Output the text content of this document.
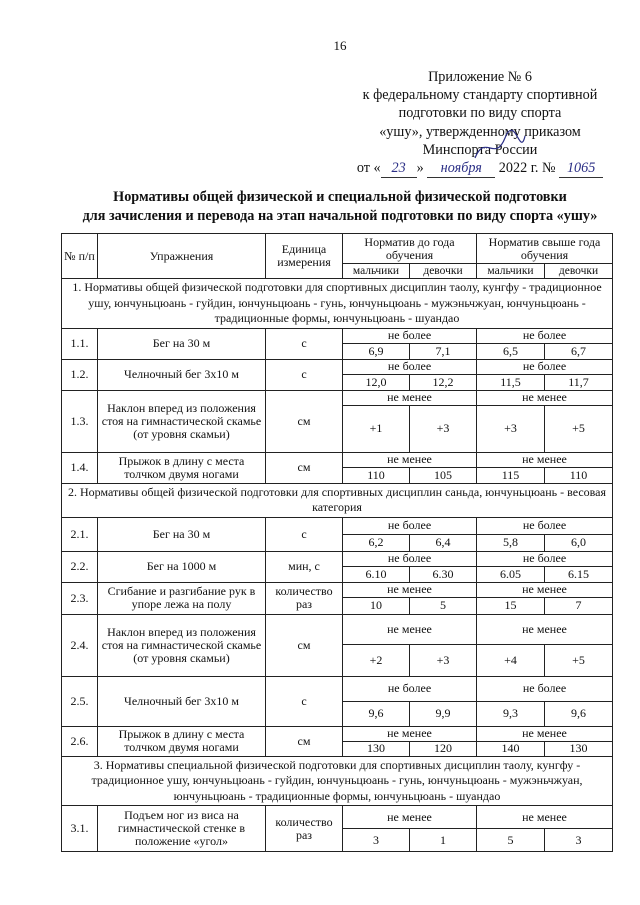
16
Приложение № 6
к федеральному стандарту спортивной
подготовки по виду спорта
«ушу», утвержденному приказом
Минспорта России
от « 23 » ноября 2022 г. № 1065
Нормативы общей физической и специальной физической подготовки
для зачисления и перевода на этап начальной подготовки по виду спорта «ушу»
№ п/п	Упражнения	Единица измерения	Норматив до года обучения		Норматив свыше года обучения	
			мальчики	девочки	мальчики	девочки
1. Нормативы общей физической подготовки для спортивных дисциплин таолу, кунгфу - традиционное ушу, юнчуньцюань - гуйдин, юнчуньцюань - гунь, юнчуньцюань - мужэньчжуан, юнчуньцюань - традиционные формы, юнчуньцюань - шуандао						
1.1.	Бег на 30 м	с	не более		не более	
			6,9	7,1	6,5	6,7
1.2.	Челночный бег 3х10 м	с	не более		не более	
			12,0	12,2	11,5	11,7
1.3.	Наклон вперед из положения стоя на гимнастической скамье (от уровня скамьи)	см	не менее		не менее	
			+1	+3	+3	+5
1.4.	Прыжок в длину с места толчком двумя ногами	см	не менее		не менее	
			110	105	115	110
2. Нормативы общей физической подготовки для спортивных дисциплин саньда, юнчуньцюань - весовая категория						
2.1.	Бег на 30 м	с	не более		не более	
			6,2	6,4	5,8	6,0
2.2.	Бег на 1000 м	мин, с	не более		не более	
			6.10	6.30	6.05	6.15
2.3.	Сгибание и разгибание рук в упоре лежа на полу	количество раз	не менее		не менее	
			10	5	15	7
2.4.	Наклон вперед из положения стоя на гимнастической скамье (от уровня скамьи)	см	не менее		не менее	
			+2	+3	+4	+5
2.5.	Челночный бег 3х10 м	с	не более		не более	
			9,6	9,9	9,3	9,6
2.6.	Прыжок в длину с места толчком двумя ногами	см	не менее		не менее	
			130	120	140	130
3. Нормативы специальной физической подготовки для спортивных дисциплин таолу, кунгфу - традиционное ушу, юнчуньцюань - гуйдин, юнчуньцюань - гунь, юнчуньцюань - мужэньчжуан, юнчуньцюань - традиционные формы, юнчуньцюань - шуандао						
3.1.	Подъем ног из виса на гимнастической стенке в положение «угол»	количество раз	не менее		не менее	
			3	1	5	3
